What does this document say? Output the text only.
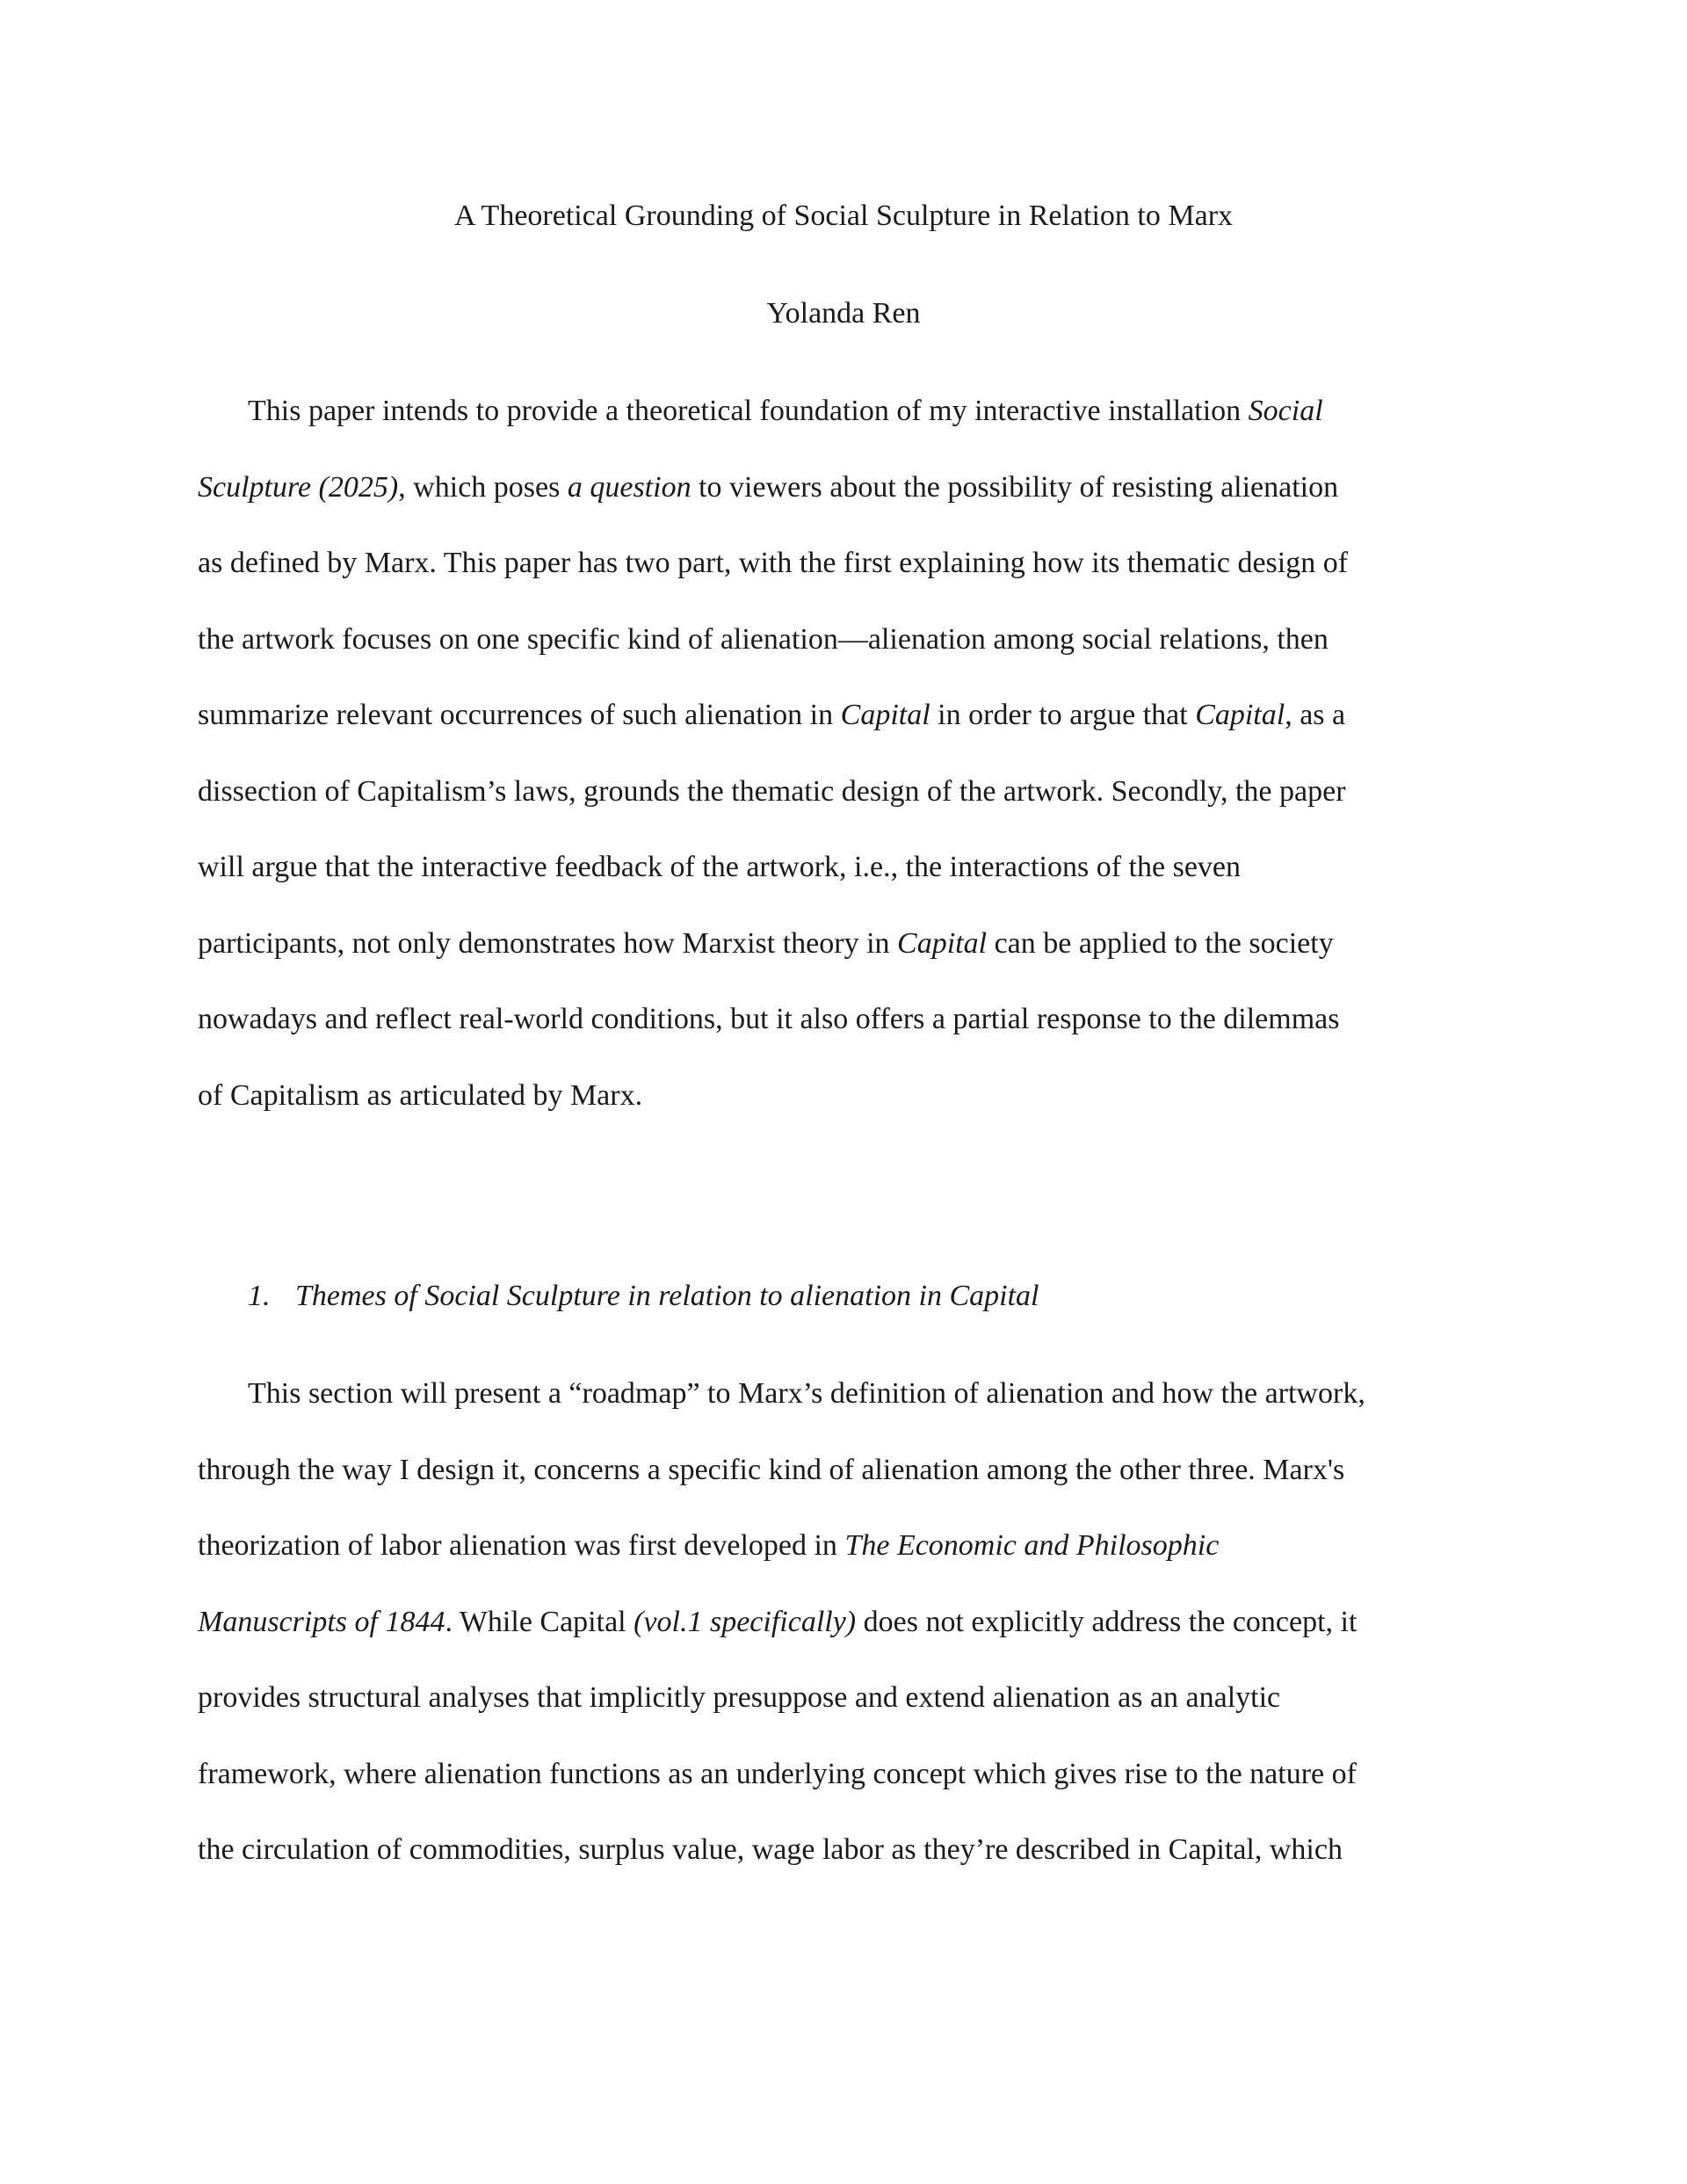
A Theoretical Grounding of Social Sculpture in Relation to Marx

Yolanda Ren

This paper intends to provide a theoretical foundation of my interactive installation Social

Sculpture (2025), which poses a question to viewers about the possibility of resisting alienation

as defined by Marx. This paper has two part, with the first explaining how its thematic design of

the artwork focuses on one specific kind of alienation—alienation among social relations, then

summarize relevant occurrences of such alienation in Capital in order to argue that Capital, as a

dissection of Capitalism’s laws, grounds the thematic design of the artwork. Secondly, the paper

will argue that the interactive feedback of the artwork, i.e., the interactions of the seven

participants, not only demonstrates how Marxist theory in Capital can be applied to the society

nowadays and reflect real-world conditions, but it also offers a partial response to the dilemmas

of Capitalism as articulated by Marx.

1. Themes of Social Sculpture in relation to alienation in Capital

This section will present a “roadmap” to Marx’s definition of alienation and how the artwork,

through the way I design it, concerns a specific kind of alienation among the other three. Marx's

theorization of labor alienation was first developed in The Economic and Philosophic

Manuscripts of 1844. While Capital (vol.1 specifically) does not explicitly address the concept, it

provides structural analyses that implicitly presuppose and extend alienation as an analytic

framework, where alienation functions as an underlying concept which gives rise to the nature of

the circulation of commodities, surplus value, wage labor as they’re described in Capital, which
